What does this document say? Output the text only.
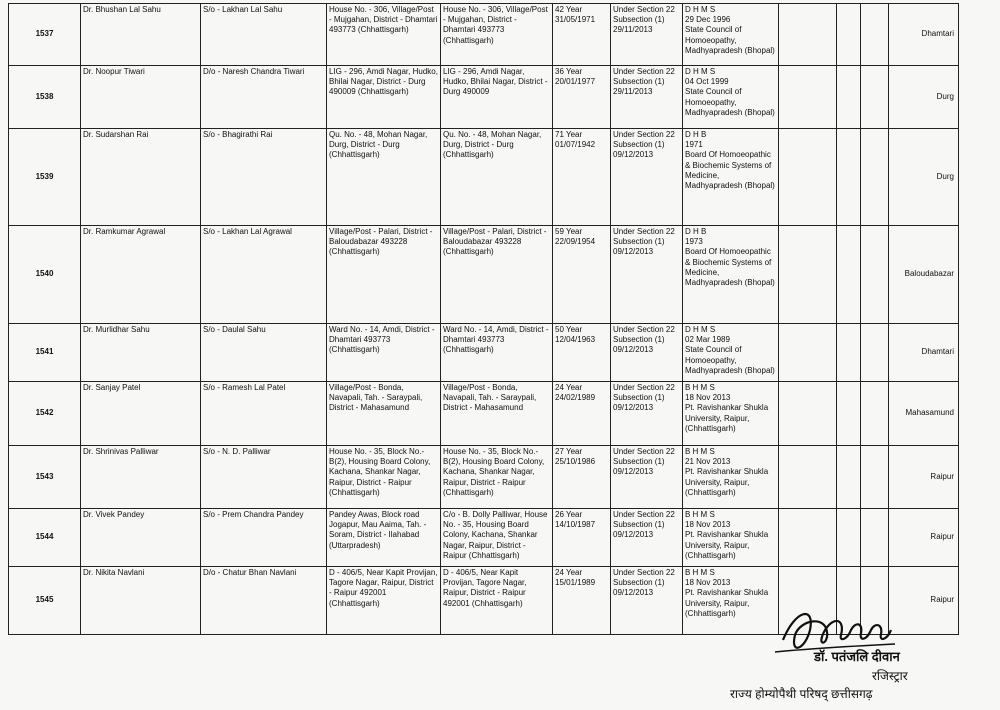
1537	Dr. Bhushan Lal Sahu	S/o - Lakhan Lal Sahu	House No. - 306, Village/Post - Mujgahan, District - Dhamtari 493773 (Chhattisgarh)	House No. - 306, Village/Post - Mujgahan, District - Dhamtari 493773 (Chhattisgarh)	42 Year
31/05/1971	Under Section 22
Subsection (1)
29/11/2013	D H M S
29 Dec 1996
State Council of Homoeopathy, Madhyapradesh (Bhopal)				Dhamtari
1538	Dr. Noopur Tiwari	D/o - Naresh Chandra Tiwari	LIG - 296, Amdi Nagar, Hudko, Bhilai Nagar, District - Durg 490009 (Chhattisgarh)	LIG - 296, Amdi Nagar, Hudko, Bhilai Nagar, District - Durg 490009	36 Year
20/01/1977	Under Section 22
Subsection (1)
29/11/2013	D H M S
04 Oct 1999
State Council of Homoeopathy, Madhyapradesh (Bhopal)				Durg
1539	Dr. Sudarshan Rai	S/o - Bhagirathi Rai	Qu. No. - 48, Mohan Nagar, Durg, District - Durg (Chhattisgarh)	Qu. No. - 48, Mohan Nagar, Durg, District - Durg (Chhattisgarh)	71 Year
01/07/1942	Under Section 22
Subsection (1)
09/12/2013	D H B
1971
Board Of Homoeopathic & Biochemic Systems of Medicine, Madhyapradesh (Bhopal)				Durg
1540	Dr. Ramkumar Agrawal	S/o - Lakhan Lal Agrawal	Village/Post - Palari, District - Baloudabazar 493228 (Chhattisgarh)	Village/Post - Palari, District - Baloudabazar 493228 (Chhattisgarh)	59 Year
22/09/1954	Under Section 22
Subsection (1)
09/12/2013	D H B
1973
Board Of Homoeopathic & Biochemic Systems of Medicine, Madhyapradesh (Bhopal)				Baloudabazar
1541	Dr. Murlidhar Sahu	S/o - Daulal Sahu	Ward No. - 14, Amdi, District - Dhamtari 493773 (Chhattisgarh)	Ward No. - 14, Amdi, District - Dhamtari 493773 (Chhattisgarh)	50 Year
12/04/1963	Under Section 22
Subsection (1)
09/12/2013	D H M S
02 Mar 1989
State Council of Homoeopathy, Madhyapradesh (Bhopal)				Dhamtari
1542	Dr. Sanjay Patel	S/o - Ramesh Lal Patel	Village/Post - Bonda, Navapali, Tah. - Saraypali, District - Mahasamund	Village/Post - Bonda, Navapali, Tah. - Saraypali, District - Mahasamund	24 Year
24/02/1989	Under Section 22
Subsection (1)
09/12/2013	B H M S
18 Nov 2013
Pt. Ravishankar Shukla University, Raipur, (Chhattisgarh)				Mahasamund
1543	Dr. Shrinivas Palliwar	S/o - N. D. Palliwar	House No. - 35, Block No.- B(2), Housing Board Colony, Kachana, Shankar Nagar, Raipur, District - Raipur (Chhattisgarh)	House No. - 35, Block No.- B(2), Housing Board Colony, Kachana, Shankar Nagar, Raipur, District - Raipur (Chhattisgarh)	27 Year
25/10/1986	Under Section 22
Subsection (1)
09/12/2013	B H M S
21 Nov 2013
Pt. Ravishankar Shukla University, Raipur, (Chhattisgarh)				Raipur
1544	Dr. Vivek Pandey	S/o - Prem Chandra Pandey	Pandey Awas, Block road Jogapur, Mau Aaima, Tah. - Soram, District - Ilahabad (Uttarpradesh)	C/o - B. Dolly Palliwar, House No. - 35, Housing Board Colony, Kachana, Shankar Nagar, Raipur, District - Raipur (Chhattisgarh)	26 Year
14/10/1987	Under Section 22
Subsection (1)
09/12/2013	B H M S
18 Nov 2013
Pt. Ravishankar Shukla University, Raipur, (Chhattisgarh)				Raipur
1545	Dr. Nikita Navlani	D/o - Chatur Bhan Navlani	D - 406/5, Near Kapit Provijan, Tagore Nagar, Raipur, District - Raipur 492001 (Chhattisgarh)	D - 406/5, Near Kapit Provijan, Tagore Nagar, Raipur, District - Raipur 492001 (Chhattisgarh)	24 Year
15/01/1989	Under Section 22
Subsection (1)
09/12/2013	B H M S
18 Nov 2013
Pt. Ravishankar Shukla University, Raipur, (Chhattisgarh)				Raipur
डॉ. पतंजलि दीवान
रजिस्ट्रार
राज्य होम्योपैथी परिषद् छत्तीसगढ़
